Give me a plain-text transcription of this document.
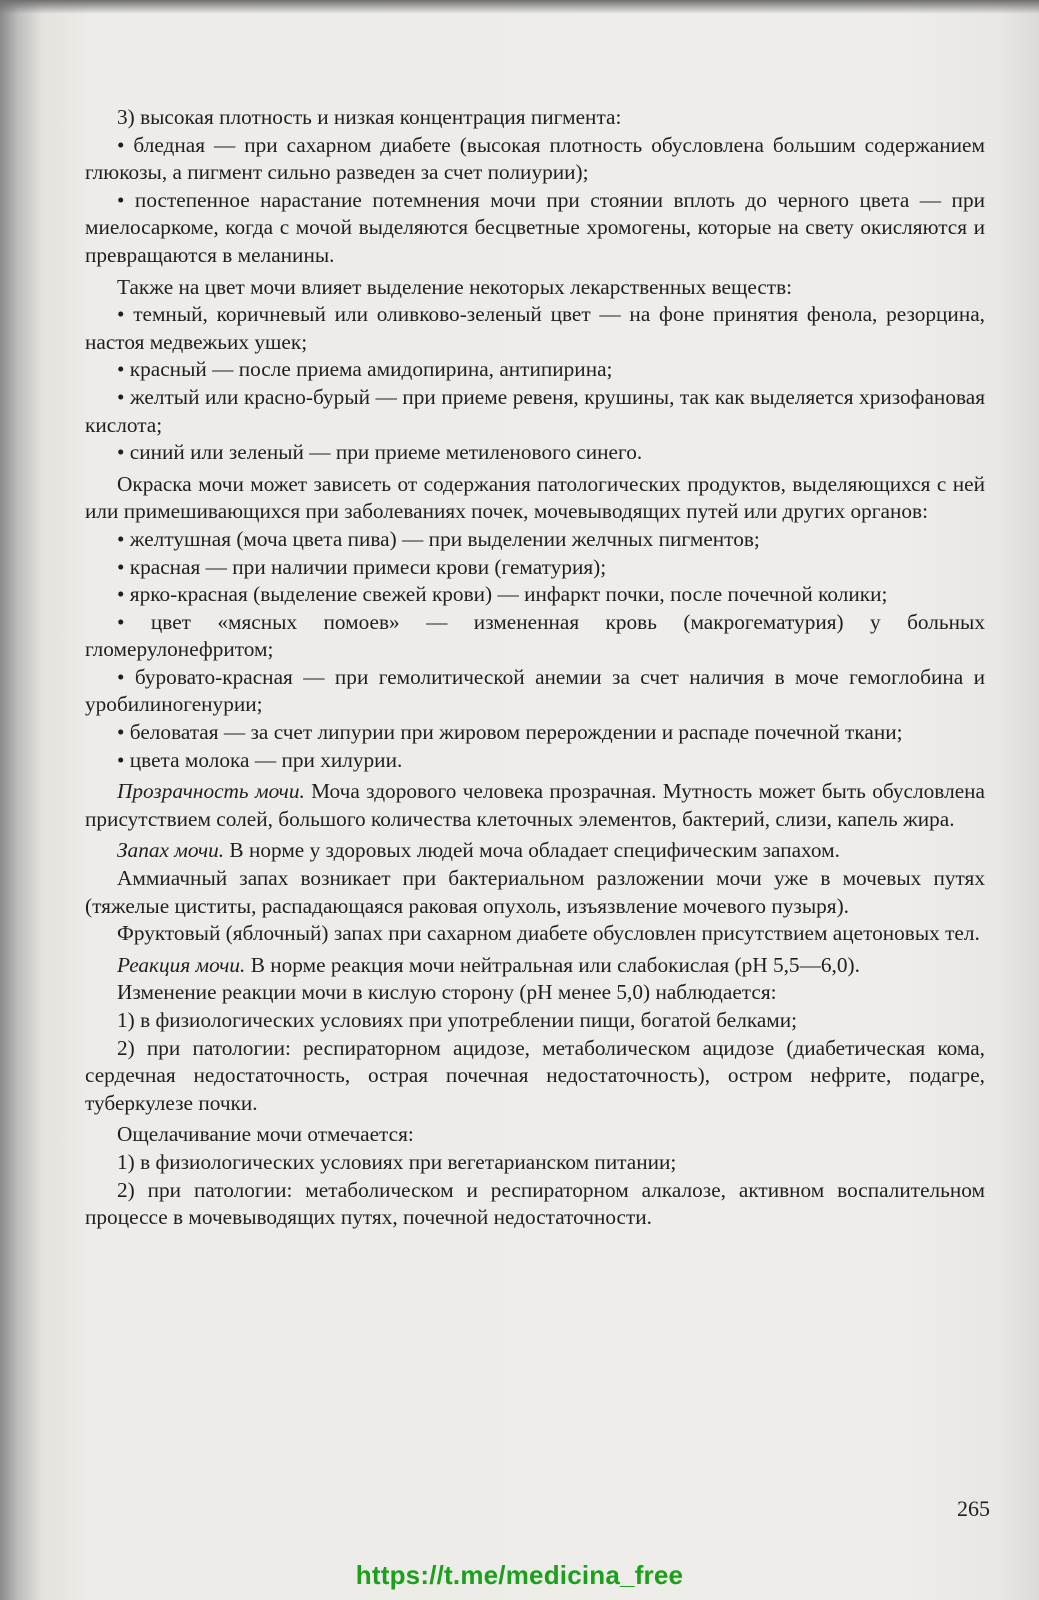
3) высокая плотность и низкая концентрация пигмента:

• бледная — при сахарном диабете (высокая плотность обусловлена большим содержанием глюкозы, а пигмент сильно разведен за счет полиурии);

• постепенное нарастание потемнения мочи при стоянии вплоть до черного цвета — при миелосаркоме, когда с мочой выделяются бесцветные хромогены, которые на свету окисляются и превращаются в меланины.

Также на цвет мочи влияет выделение некоторых лекарственных веществ:

• темный, коричневый или оливково-зеленый цвет — на фоне принятия фенола, резорцина, настоя медвежьих ушек;

• красный — после приема амидопирина, антипирина;

• желтый или красно-бурый — при приеме ревеня, крушины, так как выделяется хризофановая кислота;

• синий или зеленый — при приеме метиленового синего.

Окраска мочи может зависеть от содержания патологических продуктов, выделяющихся с ней или примешивающихся при заболеваниях почек, мочевыводящих путей или других органов:

• желтушная (моча цвета пива) — при выделении желчных пигментов;

• красная — при наличии примеси крови (гематурия);

• ярко-красная (выделение свежей крови) — инфаркт почки, после почечной колики;

• цвет «мясных помоев» — измененная кровь (макрогематурия) у больных гломерулонефритом;

• буровато-красная — при гемолитической анемии за счет наличия в моче гемоглобина и уробилиногенурии;

• беловатая — за счет липурии при жировом перерождении и распаде почечной ткани;

• цвета молока — при хилурии.

Прозрачность мочи. Моча здорового человека прозрачная. Мутность может быть обусловлена присутствием солей, большого количества клеточных элементов, бактерий, слизи, капель жира.

Запах мочи. В норме у здоровых людей моча обладает специфическим запахом.

Аммиачный запах возникает при бактериальном разложении мочи уже в мочевых путях (тяжелые циститы, распадающаяся раковая опухоль, изъязвление мочевого пузыря).

Фруктовый (яблочный) запах при сахарном диабете обусловлен присутствием ацетоновых тел.

Реакция мочи. В норме реакция мочи нейтральная или слабокислая (рН 5,5—6,0).

Изменение реакции мочи в кислую сторону (рН менее 5,0) наблюдается:

1) в физиологических условиях при употреблении пищи, богатой белками;

2) при патологии: респираторном ацидозе, метаболическом ацидозе (диабетическая кома, сердечная недостаточность, острая почечная недостаточность), остром нефрите, подагре, туберкулезе почки.

Ощелачивание мочи отмечается:

1) в физиологических условиях при вегетарианском питании;

2) при патологии: метаболическом и респираторном алкалозе, активном воспалительном процессе в мочевыводящих путях, почечной недостаточности.

265
https://t.me/medicina_free
